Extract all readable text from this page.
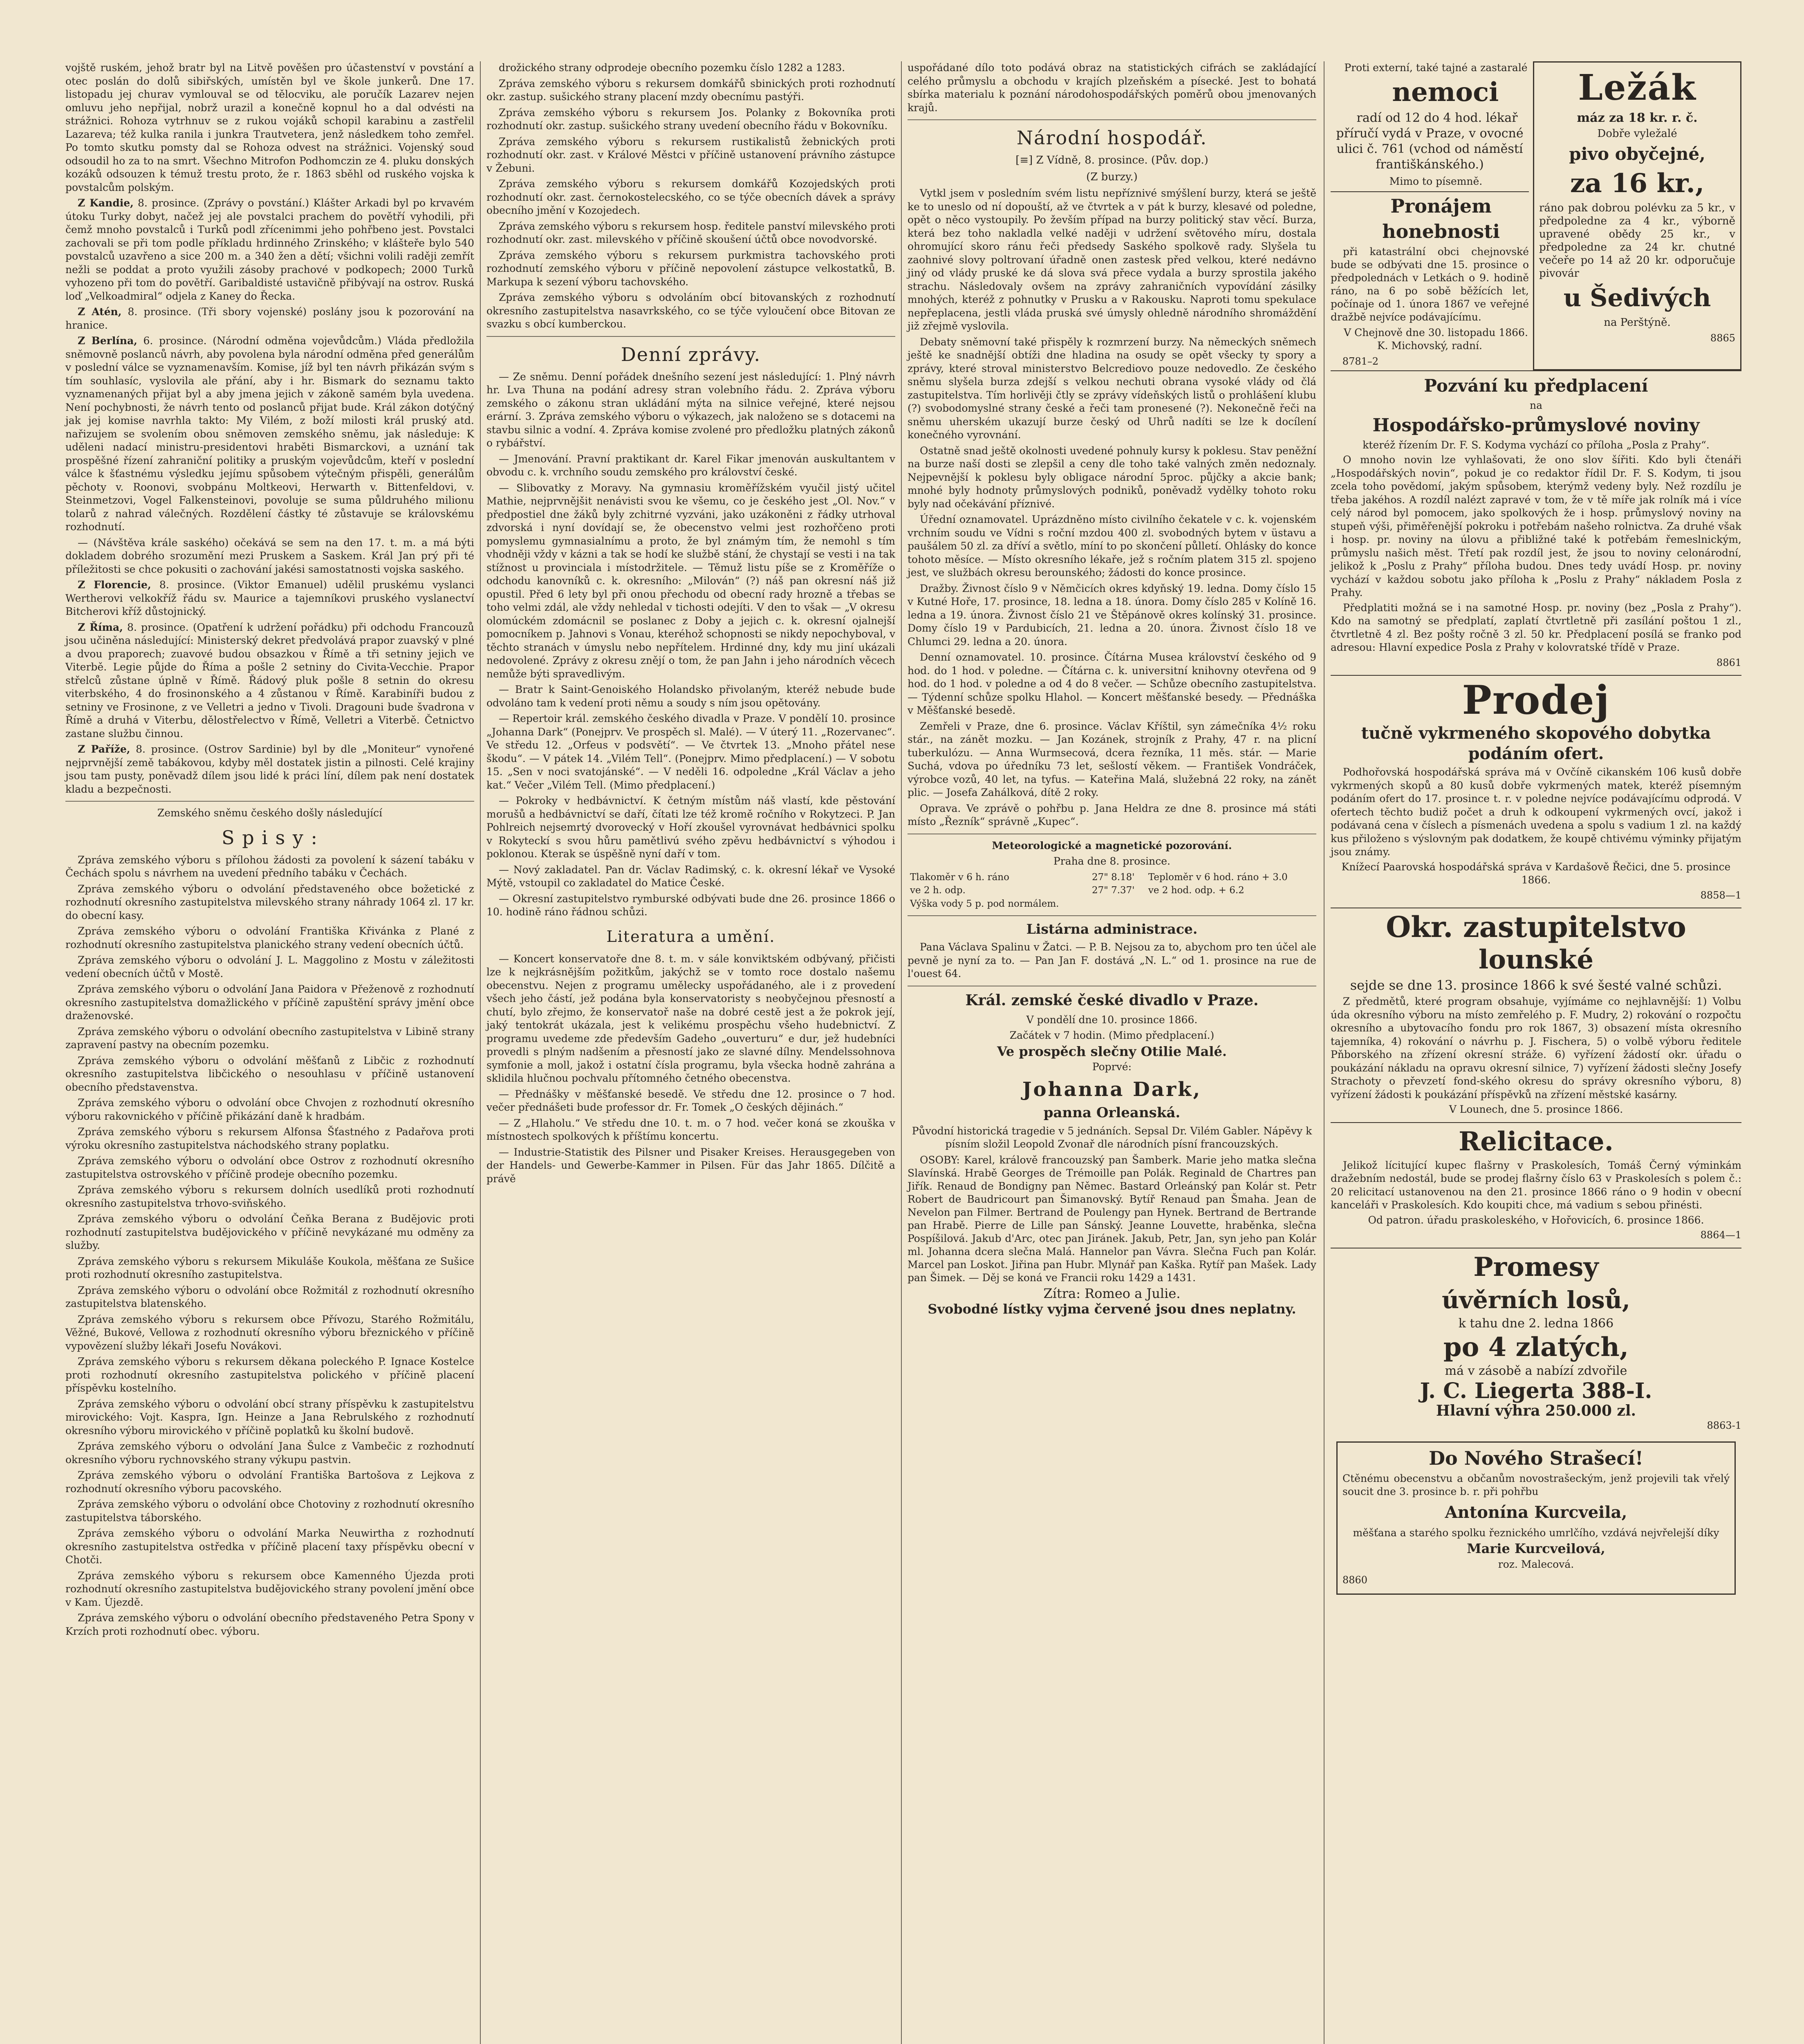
vojště ruském, jehož bratr byl na Litvě pověšen pro účastenství v povstání a otec poslán do dolů sibiřských, umístěn byl ve škole junkerů. Dne 17. listopadu jej churav vymlouval se od tělocviku, ale poručík Lazarev nejen omluvu jeho nepřijal, nobrž urazil a konečně kopnul ho a dal odvésti na strážnici. Rohoza vytrhnuv se z rukou vojáků schopil karabinu a zastřelil Lazareva; též kulka ranila i junkra Trautvetera, jenž následkem toho zemřel. Po tomto skutku pomsty dal se Rohoza odvest na strážnici. Vojenský soud odsoudil ho za to na smrt. Všechno Mitrofon Podhomczin ze 4. pluku donských kozáků odsouzen k témuž trestu proto, že r. 1863 sběhl od ruského vojska k povstalcům polským.

Z Kandie, 8. prosince. (Zprávy o povstání.) Klášter Arkadi byl po krvavém útoku Turky dobyt, načež jej ale povstalci prachem do povětří vyhodili, při čemž mnoho povstalců i Turků podl zřícenimmi jeho pohřbeno jest. Povstalci zachovali se při tom podle příkladu hrdinného Zrinského; v klášteře bylo 540 povstalců uzavřeno a sice 200 m. a 340 žen a dětí; všichni volili raději zemřít nežli se poddat a proto využili zásoby prachové v podkopech; 2000 Turků vyhozeno při tom do povětří. Garibaldisté ustavičně přibývají na ostrov. Ruská loď „Velkoadmiral“ odjela z Kaney do Řecka.

Z Atén, 8. prosince. (Tři sbory vojenské) poslány jsou k pozorování na hranice.

Z Berlína, 6. prosince. (Národní odměna vojevůdcům.) Vláda předložila sněmovně poslanců návrh, aby povolena byla národní odměna před generálům v poslední válce se vyznamenavším. Komise, jíž byl ten návrh přikázán svým s tím souhlasíc, vyslovila ale přání, aby i hr. Bismark do seznamu takto vyznamenaných přijat byl a aby jmena jejich v zákoně samém byla uvedena. Není pochybnosti, že návrh tento od poslanců přijat bude. Král zákon dotýčný jak jej komise navrhla takto: My Vilém, z boží milosti král pruský atd. nařizujem se svolením obou sněmoven zemského sněmu, jak následuje: K uděleni nadací ministru-presidentovi hraběti Bismarckovi, a uznání tak prospěšné řízení zahraniční politiky a pruským vojevůdcům, kteří v poslední válce k šťastnému výsledku jejímu spůsobem výtečným přispěli, generálům pěchoty v. Roonovi, svobpánu Moltkeovi, Herwarth v. Bittenfeldovi, v. Steinmetzovi, Vogel Falkensteinovi, povoluje se suma půldruhého milionu tolarů z nahrad válečných. Rozdělení částky té zůstavuje se královskému rozhodnutí.

— (Návštěva krále saského) očekává se sem na den 17. t. m. a má býti dokladem dobrého srozumění mezi Pruskem a Saskem. Král Jan prý při té příležitosti se chce pokusiti o zachování jakési samostatnosti vojska saského.

Z Florencie, 8. prosince. (Viktor Emanuel) udělil pruskému vyslanci Wertherovi velkokříž řádu sv. Maurice a tajemníkovi pruského vyslanectví Bitcherovi kříž důstojnický.

Z Říma, 8. prosince. (Opatření k udržení pořádku) při odchodu Francouzů jsou učiněna následující: Ministerský dekret předvolává prapor zuavský v plné a dvou praporech; zuavové budou obsazkou v Římě a tři setniny jejich ve Viterbě. Legie půjde do Říma a pošle 2 setniny do Civita-Vecchie. Prapor střelců zůstane úplně v Římě. Řádový pluk pošle 8 setnin do okresu viterbského, 4 do frosinonského a 4 zůstanou v Římě. Karabiníři budou z setniny ve Frosinone, z ve Velletri a jedno v Tivoli. Dragouni bude švadrona v Římě a druhá v Viterbu, dělostřelectvo v Římě, Velletri a Viterbě. Četnictvo zastane službu činnou.

Z Paříže, 8. prosince. (Ostrov Sardinie) byl by dle „Moniteur“ vynořené nejprvnější země tabákovou, kdyby měl dostatek jistin a pilnosti. Celé krajiny jsou tam pusty, poněvadž dílem jsou lidé k práci líní, dílem pak není dostatek kladu a bezpečnosti.

Zemského sněmu českého došly následující

S p i s y :

Zpráva zemského výboru s přílohou žádosti za povolení k sázení tabáku v Čechách spolu s návrhem na uvedení předního tabáku v Čechách.

Zpráva zemského výboru o odvolání představeného obce božetické z rozhodnutí okresního zastupitelstva milevského strany náhrady 1064 zl. 17 kr. do obecní kasy.

Zpráva zemského výboru o odvolání Františka Křivánka z Plané z rozhodnutí okresního zastupitelstva planického strany vedení obecních účtů.

Zpráva zemského výboru o odvolání J. L. Maggolino z Mostu v záležitosti vedení obecních účtů v Mostě.

Zpráva zemského výboru o odvolání Jana Paidora v Přeženově z rozhodnutí okresního zastupitelstva domažlického v příčině zapuštění správy jmění obce draženovské.

Zpráva zemského výboru o odvolání obecního zastupitelstva v Libině strany zapravení pastvy na obecním pozemku.

Zpráva zemského výboru o odvolání měšťanů z Libčic z rozhodnutí okresního zastupitelstva libčického o nesouhlasu v příčině ustanovení obecního představenstva.

Zpráva zemského výboru o odvolání obce Chvojen z rozhodnutí okresního výboru rakovnického v příčině přikázání daně k hradbám.

Zpráva zemského výboru s rekursem Alfonsa Šťastného z Padařova proti výroku okresního zastupitelstva náchodského strany poplatku.

Zpráva zemského výboru o odvolání obce Ostrov z rozhodnutí okresního zastupitelstva ostrovského v příčině prodeje obecního pozemku.

Zpráva zemského výboru s rekursem dolních usedlíků proti rozhodnutí okresního zastupitelstva trhovo-sviňského.

Zpráva zemského výboru o odvolání Čeňka Berana z Budějovic proti rozhodnutí zastupitelstva budějovického v příčině nevykázané mu odměny za služby.

Zpráva zemského výboru s rekursem Mikuláše Koukola, měšťana ze Sušice proti rozhodnutí okresního zastupitelstva.

Zpráva zemského výboru o odvolání obce Rožmitál z rozhodnutí okresního zastupitelstva blatenského.

Zpráva zemského výboru s rekursem obce Přívozu, Starého Rožmitálu, Věžné, Bukové, Vellowa z rozhodnutí okresního výboru březnického v příčině vypovězení služby lékaři Josefu Novákovi.

Zpráva zemského výboru s rekursem děkana poleckého P. Ignace Kostelce proti rozhodnutí okresního zastupitelstva polického v příčině placení příspěvku kostelního.

Zpráva zemského výboru o odvolání obcí strany příspěvku k zastupitelstvu mirovického: Vojt. Kaspra, Ign. Heinze a Jana Rebrulského z rozhodnutí okresního výboru mirovického v příčině poplatků ku školní budově.

Zpráva zemského výboru o odvolání Jana Šulce z Vambečic z rozhodnutí okresního výboru rychnovského strany výkupu pastvin.

Zpráva zemského výboru o odvolání Františka Bartošova z Lejkova z rozhodnutí okresního výboru pacovského.

Zpráva zemského výboru o odvolání obce Chotoviny z rozhodnutí okresního zastupitelstva táborského.

Zpráva zemského výboru o odvolání Marka Neuwirtha z rozhodnutí okresního zastupitelstva ostředka v příčině placení taxy příspěvku obecní v Chotči.

Zpráva zemského výboru s rekursem obce Kamenného Újezda proti rozhodnutí okresního zastupitelstva budějovického strany povolení jmění obce v Kam. Újezdě.

Zpráva zemského výboru o odvolání obecního představeného Petra Spony v Krzích proti rozhodnutí obec. výboru.

drožického strany odprodeje obecního pozemku číslo 1282 a 1283.

Zpráva zemského výboru s rekursem domkářů sbinických proti rozhodnutí okr. zastup. sušického strany placení mzdy obecnímu pastýři.

Zpráva zemského výboru s rekursem Jos. Polanky z Bokovníka proti rozhodnutí okr. zastup. sušického strany uvedení obecního řádu v Bokovníku.

Zpráva zemského výboru s rekursem rustikalistů žebnických proti rozhodnutí okr. zast. v Králové Městci v příčině ustanovení právního zástupce v Žebuni.

Zpráva zemského výboru s rekursem domkářů Kozojedských proti rozhodnutí okr. zast. černokostelecského, co se týče obecních dávek a správy obecního jmění v Kozojedech.

Zpráva zemského výboru s rekursem hosp. ředitele panství milevského proti rozhodnutí okr. zast. milevského v příčině skoušení účtů obce novodvorské.

Zpráva zemského výboru s rekursem purkmistra tachovského proti rozhodnutí zemského výboru v příčině nepovolení zástupce velkostatků, B. Markupa k sezení výboru tachovského.

Zpráva zemského výboru s odvoláním obcí bitovanských z rozhodnutí okresního zastupitelstva nasavrkského, co se týče vyloučení obce Bitovan ze svazku s obcí kumberckou.

Denní zprávy.

— Ze sněmu. Denní pořádek dnešního sezení jest následující: 1. Plný návrh hr. Lva Thuna na podání adresy stran volebního řádu. 2. Zpráva výboru zemského o zákonu stran ukládání mýta na silnice veřejné, které nejsou erární. 3. Zpráva zemského výboru o výkazech, jak naloženo se s dotacemi na stavbu silnic a vodní. 4. Zpráva komise zvolené pro předložku platných zákonů o rybářství.

— Jmenování. Pravní praktikant dr. Karel Fikar jmenován auskultantem v obvodu c. k. vrchního soudu zemského pro království české.

— Slibovatky z Moravy. Na gymnasiu kroměřížském vyučil jistý učitel Mathie, nejprvnějšit nenávisti svou ke všemu, co je českého jest „Ol. Nov.“ v předpostiel dne žáků byly zchitrné vyzváni, jako uzákoněni z řádky utrhoval zdvorská i nyní dovídají se, že obecenstvo velmi jest rozhořčeno proti pomyslemu gymnasialnímu a proto, že byl známým tím, že nemohl s tím vhodněji vždy v kázni a tak se hodí ke službě stání, že chystají se vesti i na tak stížnost u provinciala i místodržitele. — Těmuž listu píše se z Kroměříže o odchodu kanovníků c. k. okresního: „Milován“ (?) náš pan okresní náš již opustil. Před 6 lety byl při onou přechodu od obecní rady hrozně a třebas se toho velmi zdál, ale vždy nehledal v tichosti odejíti. V den to však — „V okresu olomúckém zdomácnil se poslanec z Doby a jejich c. k. okresní ojalnejší pomocníkem p. Jahnovi s Vonau, kteréhož schopnosti se nikdy nepochyboval, v těchto stranách v úmyslu nebo nepřítelem. Hrdinné dny, kdy mu jiní ukázali nedovolené. Zprávy z okresu znějí o tom, že pan Jahn i jeho národních věcech nemůže býti spravedlivým.

— Bratr k Saint-Genoiského Holandsko přivolaným, kteréž nebude bude odvoláno tam k vedení proti němu a soudy s ním jsou opětovány.

— Repertoir král. zemského českého divadla v Praze. V pondělí 10. prosince „Johanna Dark“ (Ponejprv. Ve prospěch sl. Malé). — V úterý 11. „Rozervanec“. Ve středu 12. „Orfeus v podsvětí“. — Ve čtvrtek 13. „Mnoho přátel nese škodu“. — V pátek 14. „Vilém Tell“. (Ponejprv. Mimo předplacení.) — V sobotu 15. „Sen v noci svatojánské“. — V neděli 16. odpoledne „Král Václav a jeho kat.“ Večer „Vilém Tell. (Mimo předplacení.)

— Pokroky v hedbávnictví. K četným místům náš vlastí, kde pěstování morušů a hedbávnictví se daří, čítati lze též kromě ročního v Rokytzeci. P. Jan Pohlreich nejsemrtý dvorovecký v Hoří zkoušel vyrovnávat hedbávnici spolku v Rokyteckí s svou hůru pamětlivú svého zpěvu hedbávnictví s výhodou i poklonou. Kterak se úspěšně nyní daří v tom.

— Nový zakladatel. Pan dr. Václav Radimský, c. k. okresní lékař ve Vysoké Mýtě, vstoupil co zakladatel do Matice České.

— Okresní zastupitelstvo rymburské odbývati bude dne 26. prosince 1866 o 10. hodině ráno řádnou schůzi.

Literatura a umění.

— Koncert konservatoře dne 8. t. m. v sále konviktském odbývaný, přičisti lze k nejkrásnějším požitkům, jakýchž se v tomto roce dostalo našemu obecenstvu. Nejen z programu umělecky uspořádaného, ale i z provedení všech jeho částí, jež podána byla konservatoristy s neobyčejnou přesností a chutí, bylo zřejmo, že konservatoř naše na dobré cestě jest a že pokrok její, jaký tentokrát ukázala, jest k velikému prospěchu všeho hudebnictví. Z programu uvedeme zde především Gadeho „ouverturu“ e dur, jež hudebníci provedli s plným nadšením a přesností jako ze slavné dílny. Mendelssohnova symfonie a moll, jakož i ostatní čísla programu, byla všecka hodně zahrána a sklidila hlučnou pochvalu přítomného četného obecenstva.

— Přednášky v měšťanské besedě. Ve středu dne 12. prosince o 7 hod. večer přednášeti bude professor dr. Fr. Tomek „O českých dějinách.“

— Z „Hlaholu.“ Ve středu dne 10. t. m. o 7 hod. večer koná se zkouška v místnostech spolkových k příštímu koncertu.

— Industrie-Statistik des Pilsner und Pisaker Kreises. Herausgegeben von der Handels- und Gewerbe-Kammer in Pilsen. Für das Jahr 1865. Dílčitě a právě

uspořádané dílo toto podává obraz na statistických cifrách se zakládající celého průmyslu a obchodu v krajích plzeňském a písecké. Jest to bohatá sbírka materialu k poznání národohospodářských poměrů obou jmenovaných krajů.

Národní hospodář.
[≡] Z Vídně, 8. prosince. (Pův. dop.)
(Z burzy.)

Vytkl jsem v posledním svém listu nepříznivé smýšlení burzy, která se ještě ke to uneslo od ní dopouští, až ve čtvrtek a v pát k burzy, klesavé od poledne, opět o něco vystoupily. Po ževším případ na burzy politický stav věcí. Burza, která bez toho nakladla velké naději v udržení světového míru, dostala ohromující skoro ránu řeči předsedy Saského spolkově rady. Slyšela tu zaohnivé slovy poltrovaní úřadně onen zastesk před velkou, které nedávno jiný od vlády pruské ke dá slova svá přece vydala a burzy sprostila jakého strachu. Následovaly ovšem na zprávy zahraničních vypovídání zásilky mnohých, kteréž z pohnutky v Prusku a v Rakousku. Naproti tomu spekulace nepřeplacena, jestli vláda pruská své úmysly ohledně národního shromáždění již zřejmě vyslovila.

Debaty sněmovní také přispěly k rozmrzení burzy. Na německých sněmech ještě ke snadnější obtíži dne hladina na osudy se opět všecky ty spory a zprávy, které stroval ministerstvo Belcrediovo pouze nedovedlo. Ze českého sněmu slyšela burza zdejší s velkou nechuti obrana vysoké vlády od člá zastupitelstva. Tím horlivěji čtly se zprávy vídeňských listů o prohlášení klubu (?) svobodomyslné strany české a řeči tam pronesené (?). Nekonečně řeči na sněmu uherském ukazují burze český od Uhrů nadíti se lze k docílení konečného vyrovnání.

Ostatně snad ještě okolnosti uvedené pohnuly kursy k poklesu. Stav peněžní na burze naší dosti se zlepšil a ceny dle toho také valných změn nedoznaly. Nejpevnější k poklesu byly obligace národní 5proc. půjčky a akcie bank; mnohé byly hodnoty průmyslových podniků, poněvadž vydělky tohoto roku byly nad očekávání příznivé.

Úřední oznamovatel. Uprázdněno místo civilního čekatele v c. k. vojenském vrchním soudu ve Vídni s roční mzdou 400 zl. svobodných bytem v üstavu a paušálem 50 zl. za dříví a světlo, míní to po skončení půlletí. Ohlásky do konce tohoto měsíce. — Místo okresního lékaře, jež s ročním platem 315 zl. spojeno jest, ve službách okresu berounského; žádosti do konce prosince.

Dražby. Živnost číslo 9 v Němčicích okres kdyňský 19. ledna. Domy číslo 15 v Kutné Hoře, 17. prosince, 18. ledna a 18. února. Domy číslo 285 v Kolíně 16. ledna a 19. února. Živnost číslo 21 ve Štěpánově okres kolínský 31. prosince. Domy číslo 19 v Pardubicích, 21. ledna a 20. února. Živnost číslo 18 ve Chlumci 29. ledna a 20. února.

Denní oznamovatel. 10. prosince. Čítárna Musea království českého od 9 hod. do 1 hod. v poledne. — Čítárna c. k. universitní knihovny otevřena od 9 hod. do 1 hod. v poledne a od 4 do 8 večer. — Schůze obecního zastupitelstva. — Týdenní schůze spolku Hlahol. — Koncert měšťanské besedy. — Přednáška v Měšťanské besedě.

Zemřeli v Praze, dne 6. prosince. Václav Kříštil, syn zámečníka 4½ roku stár., na zánět mozku. — Jan Kozánek, strojník z Prahy, 47 r. na plicní tuberkulózu. — Anna Wurmsecová, dcera řezníka, 11 měs. stár. — Marie Suchá, vdova po úředníku 73 let, sešlostí věkem. — František Vondráček, výrobce vozů, 40 let, na tyfus. — Kateřina Malá, služebná 22 roky, na zánět plic. — Josefa Zahálková, dítě 2 roky.

Opravа. Ve zprávě o pohřbu p. Jana Heldra ze dne 8. prosince má státi místo „Řezník“ správně „Kupec“.

Meteorologické a magnetické pozorování.

Praha dne 8. prosince.

Tlakoměr v 6 h. ráno	27" 8.18'	Teploměr v 6 hod. ráno + 3.0
ve 2 h. odp.	27" 7.37'	ve 2 hod. odp. + 6.2
Výška vody 5 p. pod normálem.		
Listárna administrace.

Pana Václava Spalinu v Žatci. — P. B. Nejsou za to, abychom pro ten účel ale pevně je nyní za to. — Pan Jan F. dostává „N. L.“ od 1. prosince na rue de l'ouest 64.

Král. zemské české divadlo v Praze.

V pondělí dne 10. prosince 1866.

Začátek v 7 hodin. (Mimo předplacení.)

Ve prospěch slečny Otilie Malé.

Poprvé:

Johanna Dark,
panna Orleanská.

Původní historická tragedie v 5 jednáních. Sepsal Dr. Vilém Gabler. Nápěvy k písním složil Leopold Zvonař dle národních písní francouzských.

OSOBY: Karel, králově francouzský pan Šamberk. Marie jeho matka slečna Slavínská. Hrabě Georges de Trémoille pan Polák. Reginald de Chartres pan Jiřík. Renaud de Bondigny pan Němec. Bastard Orleánský pan Kolár st. Petr Robert de Baudricourt pan Šimanovský. Bytíř Renaud pan Šmaha. Jean de Nevelon pan Filmer. Bertrand de Poulengy pan Hynek. Bertrand de Bertrande pan Hrabě. Pierre de Lille pan Sánský. Jeanne Louvette, hraběnka, slečna Pospíšilová. Jakub d'Arc, otec pan Jiránek. Jakub, Petr, Jan, syn jeho pan Kolár ml. Johanna dcera slečna Malá. Hannelor pan Vávra. Slečna Fuch pan Kolár. Marcel pan Loskot. Jiřina pan Hubr. Mlynář pan Kaška. Rytíř pan Mašek. Lady pan Šimek. — Děj se koná ve Francii roku 1429 a 1431.

Zítra: Romeo a Julie.

Svobodné lístky vyjma červené jsou dnes neplatny.

Proti externí, také tajné a zastaralé

nemoci

radí od 12 do 4 hod. lékař příručí vydá v Praze, v ovocné ulici č. 761 (vchod od náměstí františkánského.)

Mimo to písemně.

Pronájem

honebnosti

při katastrální obci chejnovské bude se odbývati dne 15. prosince o předpolednách v Letkách o 9. hodině ráno, na 6 po sobě běžících let, počínaje od 1. února 1867 ve veřejné dražbě nejvíce podávajícímu.

V Chejnově dne 30. listopadu 1866. K. Michovský, radní.

8781–2

Ležák

máz za 18 kr. r. č.

Dobře vyležalé

pivo obyčejné,

za 16 kr.,

ráno pak dobrou polévku za 5 kr., v předpoledne za 4 kr., výborně upravené obědy 25 kr., v předpoledne za 24 kr. chutné večeře po 14 až 20 kr. odporučuje pivovár

u Šedivých

na Perštýně.

8865

Pozvání ku předplacení

na

Hospodářsko-průmyslové noviny

kteréž řízením Dr. F. S. Kodyma vychází co příloha „Posla z Prahy“.

O mnoho novin lze vyhlašovati, že ono slov šířiti. Kdo byli čtenáři „Hospodářských novin“, pokud je co redaktor řídil Dr. F. S. Kodym, ti jsou zcela toho povědomí, jakým spůsobem, kterýmž vedeny byly. Než rozdílu je třeba jakéhos. A rozdíl nalézt zapravé v tom, že v tě míře jak rolník má i více celý národ byl pomocem, jako spolkových že i hosp. průmyslový noviny na stupeň výši, přiměřenější pokroku i potřebám našeho rolnictva. Za druhé však i hosp. pr. noviny na úlovu a přibližné také k potřebám řemeslnickým, průmyslu našich měst. Třetí pak rozdíl jest, že jsou to noviny celonárodní, jelikož k „Poslu z Prahy“ příloha budou. Dnes tedy uvádí Hosp. pr. noviny vychází v každou sobotu jako příloha k „Poslu z Prahy“ nákladem Posla z Prahy.

Předplatiti možná se i na samotné Hosp. pr. noviny (bez „Posla z Prahy“). Kdo na samotný se předplatí, zaplatí čtvrtletně při zasílání poštou 1 zl., čtvrtletně 4 zl. Bez pošty ročně 3 zl. 50 kr. Předplacení posílá se franko pod adresou: Hlavní expedice Posla z Prahy v kolovratské třídě v Praze.

8861

Prodej

tučně vykrmeného skopového dobytka podáním ofert.

Podhořovská hospodářská správa má v Ovčíně cikanském 106 kusů dobře vykrmených skopů a 80 kusů dobře vykrmených matek, kteréž písemným podáním ofert do 17. prosince t. r. v poledne nejvíce podávajícímu odprodá. V ofertech těchto budiž počet a druh k odkoupení vykrmených ovcí, jakož i podávaná cena v číslech a písmenách uvedena a spolu s vadium 1 zl. na každý kus přiloženo s výslovným pak dodatkem, že koupě chtivému výminky přijatým jsou známy.

Knížecí Paarovská hospodářská správa v Kardašově Řečici, dne 5. prosince 1866.

8858—1

Okr. zastupitelstvo

lounské

sejde se dne 13. prosince 1866 k své šesté valné schůzi.

Z předmětů, které program obsahuje, vyjímáme co nejhlavnější: 1) Volbu úda okresního výboru na místo zemřelého p. F. Mudry, 2) rokování o rozpočtu okresního a ubytovacího fondu pro rok 1867, 3) obsazení místa okresního tajemníka, 4) rokování o návrhu p. J. Fischera, 5) o volbě výboru ředitele Pňborského na zřízení okresní stráže. 6) vyřízení žádostí okr. úřadu o poukázání nákladu na opravu okresní silnice, 7) vyřízení žádosti slečny Josefy Strachoty o převzetí fond-ského okresu do správy okresního výboru, 8) vyřízení žádosti k poukázání příspěvků na zřízení městské kasárny.

V Lounech, dne 5. prosince 1866.

Relicitace.

Jelikož lícitující kupec flašrny v Praskolesích, Tomáš Černý výminkám dražebním nedostál, bude se prodej flašrny číslo 63 v Praskolesích s polem č.: 20 relicitací ustanovenou na den 21. prosince 1866 ráno o 9 hodin v obecní kanceláři v Praskolesích. Kdo koupiti chce, má vadium s sebou přinésti.

Od patron. úřadu praskoleského, v Hořovicích, 6. prosince 1866.

8864—1

Promesy

úvěrních losů,

k tahu dne 2. ledna 1866

po 4 zlatých,

má v zásobě a nabízí zdvořile

J. C. Liegerta 388-I.

Hlavní výhra 250.000 zl.

8863-1

Do Nového Strašecí!

Ctěnému obecenstvu a občanům novostrašeckým, jenž projevili tak vřelý soucit dne 3. prosince b. r. při pohřbu

Antonína Kurcveila,

měšťana a starého spolku řeznického umrlčího, vzdává nejvřelejší díky

Marie Kurcveilová,

roz. Malecová.

8860
